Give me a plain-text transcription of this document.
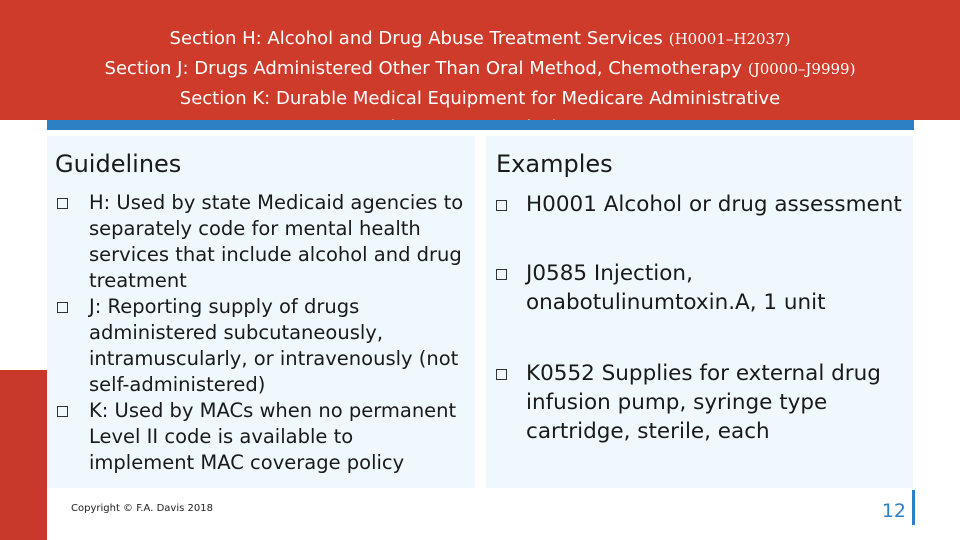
Section H: Alcohol and Drug Abuse Treatment Services (H0001–H2037)
Section J: Drugs Administered Other Than Oral Method, Chemotherapy (J0000–J9999)
Section K: Durable Medical Equipment for Medicare Administrative
Guidelines	Examples
H: Used by state Medicaid agencies to separately code for mental health services that include alcohol and drug treatment
J: Reporting supply of drugs administered subcutaneously, intramuscularly, or intravenously (not self-administered)
K: Used by MACs when no permanent Level II code is available to implement MAC coverage policy
H0001 Alcohol or drug assessment
J0585 Injection, onabotulinumtoxin.A, 1 unit
K0552 Supplies for external drug infusion pump, syringe type cartridge, sterile, each
Copyright © F.A. Davis 2018	12
